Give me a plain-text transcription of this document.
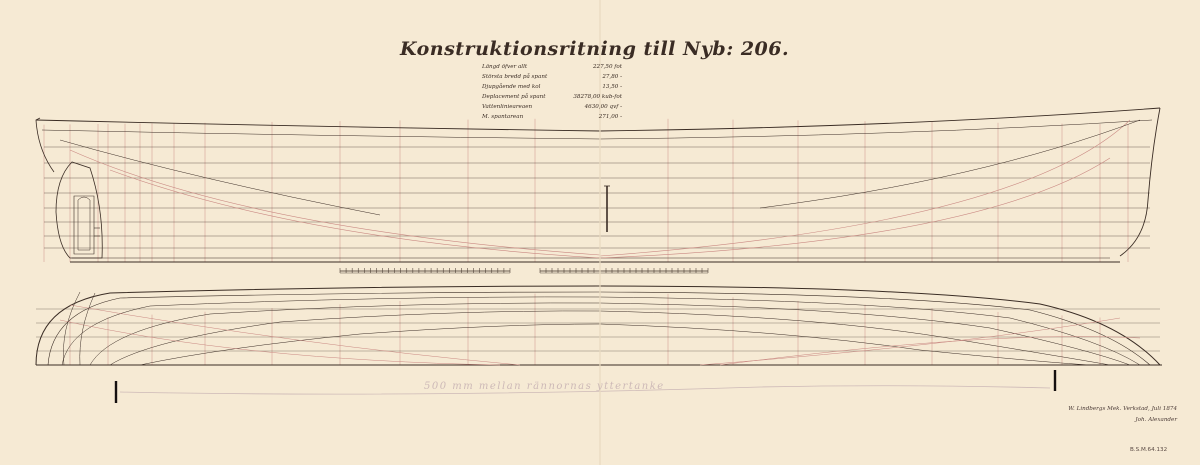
Konstruktionsritning till Nyb: 206.
Längd öfver allt	227,50 fot
Största bredd på spant	27,80 -
Djupgående med kol	13,50 -
Deplacement på spant	38278,00 kub-fot
Vattenlinieareaen	4630,00 qvf -
M. spantarean	271,00 -
500 mm mellan rännornas yttertanke
W. Lindbergs Mek. Verkstad, Juli 1874
Joh. Alexander
B.S.M.64.132
